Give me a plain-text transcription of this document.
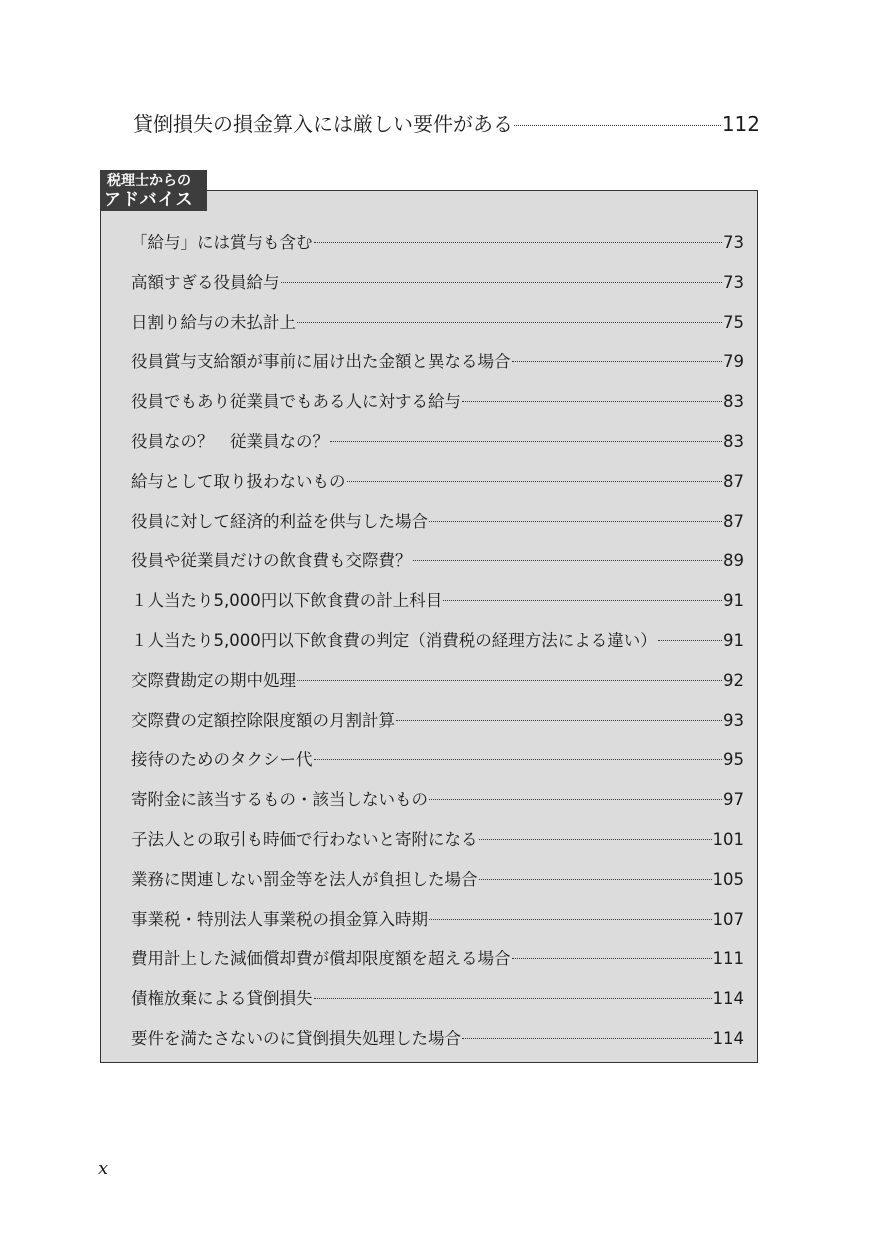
貸倒損失の損金算入には厳しい要件がある	112
税理士からの
アドバイス
「給与」には賞与も含む	73
高額すぎる役員給与	73
日割り給与の未払計上	75
役員賞与支給額が事前に届け出た金額と異なる場合	79
役員でもあり従業員でもある人に対する給与	83
役員なの？　従業員なの？	83
給与として取り扱わないもの	87
役員に対して経済的利益を供与した場合	87
役員や従業員だけの飲食費も交際費？	89
１人当たり5,000円以下飲食費の計上科目	91
１人当たり5,000円以下飲食費の判定（消費税の経理方法による違い）	91
交際費勘定の期中処理	92
交際費の定額控除限度額の月割計算	93
接待のためのタクシー代	95
寄附金に該当するもの・該当しないもの	97
子法人との取引も時価で行わないと寄附になる	101
業務に関連しない罰金等を法人が負担した場合	105
事業税・特別法人事業税の損金算入時期	107
費用計上した減価償却費が償却限度額を超える場合	111
債権放棄による貸倒損失	114
要件を満たさないのに貸倒損失処理した場合	114
x
